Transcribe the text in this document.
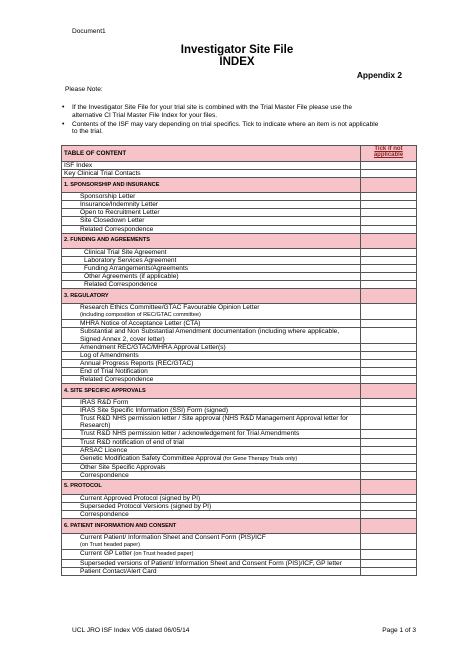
Document1
Investigator Site File
INDEX
Appendix 2
Please Note:
• If the Investigator Site File for your trial site is combined with the Trial Master File please use the alternative CI Trial Master File Index for your files.
• Contents of the ISF may vary depending on trial specifics. Tick to indicate where an item is not applicable to the trial.
TABLE OF CONTENT	Tick if not applicable
ISF Index	
Key Clinical Trial Contacts	
1. SPONSORSHIP AND INSURANCE	
Sponsorship Letter	
Insurance/Indemnity Letter	
Open to Recruitment Letter	
Site Closedown Letter	
Related Correspondence	
2. FUNDING AND AGREEMENTS	
Clinical Trial Site Agreement	
Laboratory Services Agreement	
Funding Arrangements/Agreements	
Other Agreements (if applicable)	
Related Correspondence	
3. REGULATORY	
Research Ethics Committee/GTAC Favourable Opinion Letter
(including composition of REC/GTAC committee)	
MHRA Notice of Acceptance Letter (CTA)	
Substantial and Non Substantial Amendment documentation (including where applicable, Signed Annex 2, cover letter)	
Amendment REC/GTAC/MHRA Approval Letter(s)	
Log of Amendments	
Annual Progress Reports (REC/GTAC)	
End of Trial Notification	
Related Correspondence	
4. SITE SPECIFIC APPROVALS	
IRAS R&D Form	
IRAS Site Specific Information (SSI) Form (signed)	
Trust R&D NHS permission letter / Site approval (NHS R&D Management Approval letter for Research)	
Trust R&D NHS permission letter / acknowledgement for Trial Amendments	
Trust R&D notification of end of trial	
ARSAC Licence	
Genetic Modification Safety Committee Approval (for Gene Therapy Trials only)	
Other Site Specific Approvals	
Correspondence	
5. PROTOCOL	
Current Approved Protocol (signed by PI)	
Superseded Protocol Versions (signed by PI)	
Correspondence	
6. PATIENT INFORMATION AND CONSENT	
Current Patient/ Information Sheet and Consent Form (PIS)/ICF
(on Trust headed paper)	
Current GP Letter (on Trust headed paper)	
Superseded versions of Patient/ Information Sheet and Consent Form (PIS)/ICF, GP letter	
Patient Contact/Alert Card	
UCL JRO ISF Index V05 dated 06/05/14	Page 1 of 3
